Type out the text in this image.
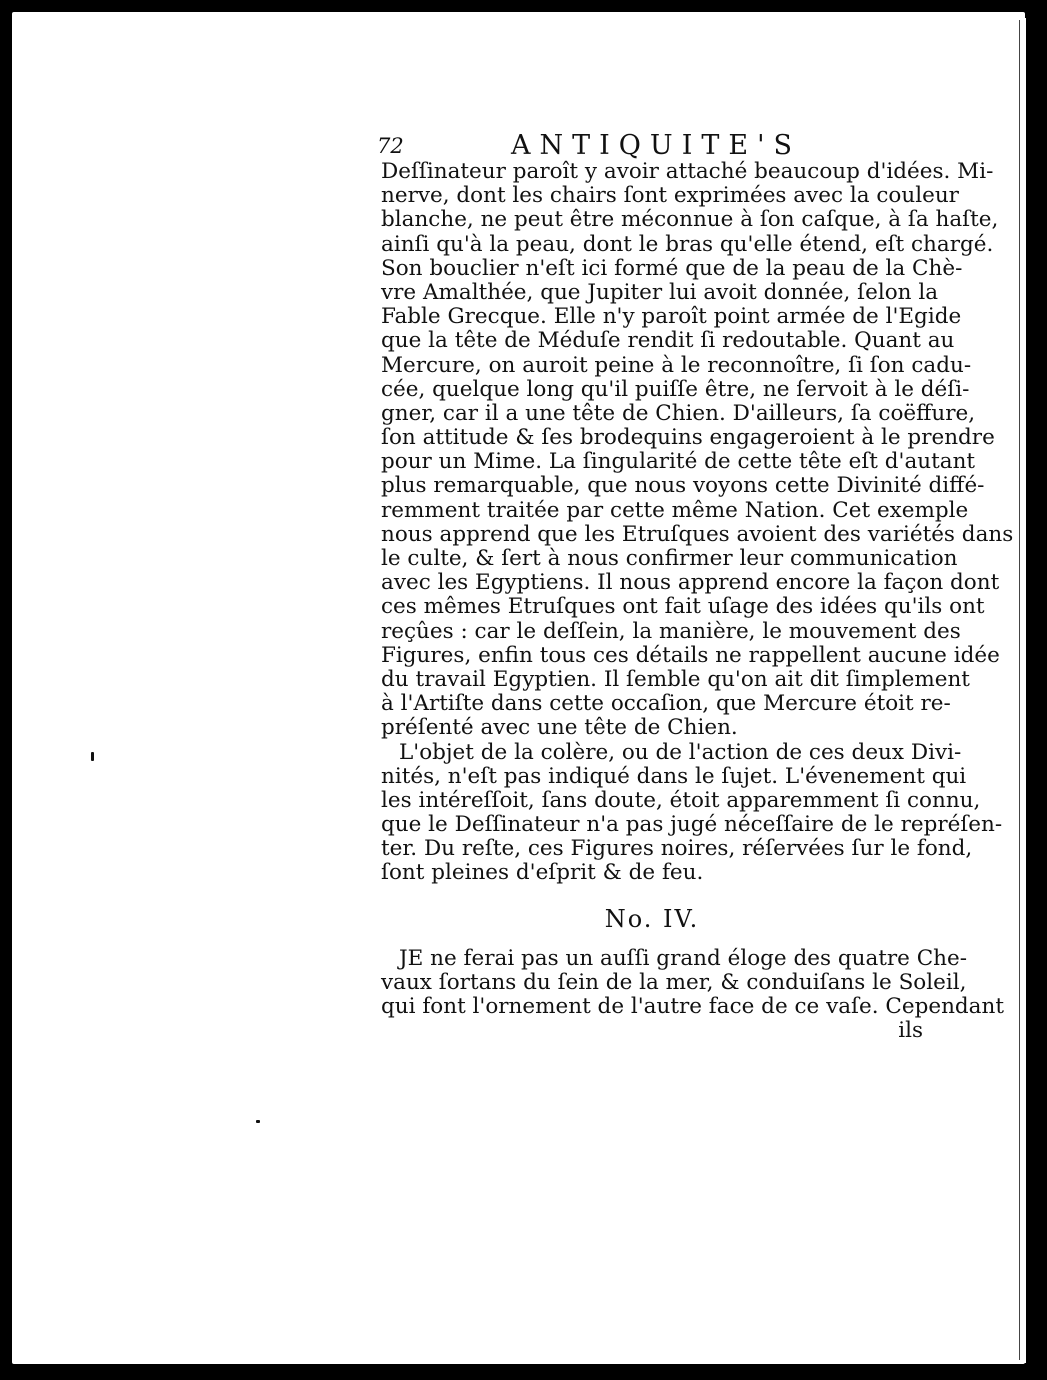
72	ANTIQUITE'S
Deſſinateur paroît y avoir attaché beaucoup d'idées. Mi-
nerve, dont les chairs ſont exprimées avec la couleur
blanche, ne peut être méconnue à ſon caſque, à ſa haſte,
ainſi qu'à la peau, dont le bras qu'elle étend, eſt chargé.
Son bouclier n'eſt ici formé que de la peau de la Chè-
vre Amalthée, que Jupiter lui avoit donnée, ſelon la
Fable Grecque. Elle n'y paroît point armée de l'Egide
que la tête de Méduſe rendit ſi redoutable. Quant au
Mercure, on auroit peine à le reconnoître, ſi ſon cadu-
cée, quelque long qu'il puiſſe être, ne ſervoit à le déſi-
gner, car il a une tête de Chien. D'ailleurs, ſa coëffure,
ſon attitude & ſes brodequins engageroient à le prendre
pour un Mime. La ſingularité de cette tête eſt d'autant
plus remarquable, que nous voyons cette Divinité diffé-
remment traitée par cette même Nation. Cet exemple
nous apprend que les Etruſques avoient des variétés dans
le culte, & ſert à nous confirmer leur communication
avec les Egyptiens. Il nous apprend encore la façon dont
ces mêmes Etruſques ont fait uſage des idées qu'ils ont
reçûes : car le deſſein, la manière, le mouvement des
Figures, enfin tous ces détails ne rappellent aucune idée
du travail Egyptien. Il ſemble qu'on ait dit ſimplement
à l'Artiſte dans cette occaſion, que Mercure étoit re-
préſenté avec une tête de Chien.
L'objet de la colère, ou de l'action de ces deux Divi-
nités, n'eſt pas indiqué dans le ſujet. L'évenement qui
les intéreſſoit, ſans doute, étoit apparemment ſi connu,
que le Deſſinateur n'a pas jugé néceſſaire de le repréſen-
ter. Du reſte, ces Figures noires, réſervées ſur le fond,
ſont pleines d'eſprit & de feu.
No. IV.
JE ne ferai pas un auſſi grand éloge des quatre Che-
vaux ſortans du ſein de la mer, & conduiſans le Soleil,
qui font l'ornement de l'autre face de ce vaſe. Cependant
ils
